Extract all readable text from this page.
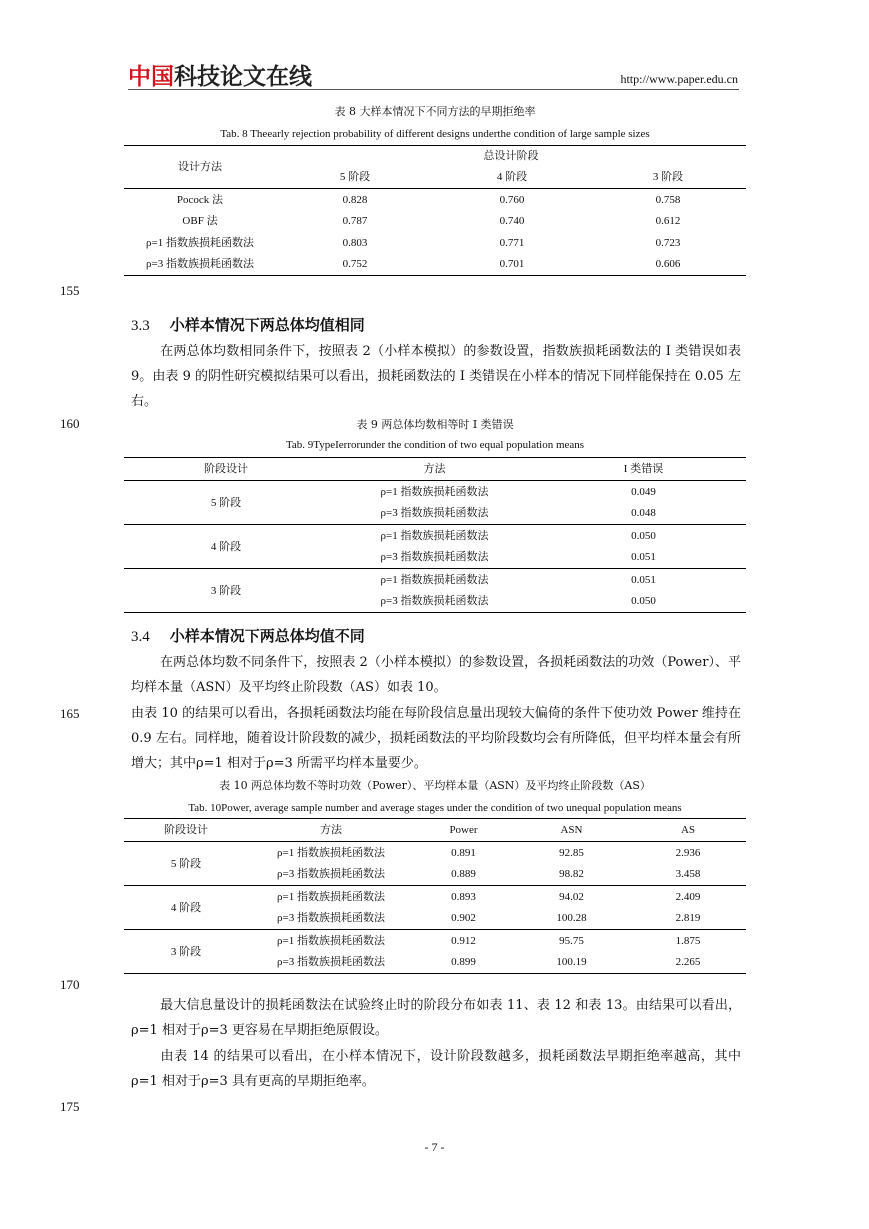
中国科技论文在线	http://www.paper.edu.cn
表 8 大样本情况下不同方法的早期拒绝率
Tab. 8 Theearly rejection probability of different designs underthe condition of large sample sizes
设计方法	总设计阶段		
	5 阶段	4 阶段	3 阶段
Pocock 法	0.828	0.760	0.758
OBF 法	0.787	0.740	0.612
ρ=1 指数族损耗函数法	0.803	0.771	0.723
ρ=3 指数族损耗函数法	0.752	0.701	0.606
155
3.3 小样本情况下两总体均值相同
在两总体均数相同条件下，按照表 2（小样本模拟）的参数设置，指数族损耗函数法的 I 类错误如表 9。由表 9 的阴性研究模拟结果可以看出，损耗函数法的 I 类错误在小样本的情况下同样能保持在 0.05 左右。
160	表 9 两总体均数相等时 I 类错误
Tab. 9TypeIerrorunder the condition of two equal population means
阶段设计	方法	I 类错误
5 阶段	ρ=1 指数族损耗函数法	0.049
	ρ=3 指数族损耗函数法	0.048
4 阶段	ρ=1 指数族损耗函数法	0.050
	ρ=3 指数族损耗函数法	0.051
3 阶段	ρ=1 指数族损耗函数法	0.051
	ρ=3 指数族损耗函数法	0.050
3.4 小样本情况下两总体均值不同
在两总体均数不同条件下，按照表 2（小样本模拟）的参数设置，各损耗函数法的功效（Power）、平均样本量（ASN）及平均终止阶段数（AS）如表 10。
165	由表 10 的结果可以看出，各损耗函数法均能在每阶段信息量出现较大偏倚的条件下使功效 Power 维持在 0.9 左右。同样地，随着设计阶段数的减少，损耗函数法的平均阶段数均会有所降低，但平均样本量会有所增大；其中ρ=1 相对于ρ=3 所需平均样本量要少。
表 10 两总体均数不等时功效（Power）、平均样本量（ASN）及平均终止阶段数（AS）
Tab. 10Power, average sample number and average stages under the condition of two unequal population means
阶段设计	方法	Power	ASN	AS
5 阶段	ρ=1 指数族损耗函数法	0.891	92.85	2.936
	ρ=3 指数族损耗函数法	0.889	98.82	3.458
4 阶段	ρ=1 指数族损耗函数法	0.893	94.02	2.409
	ρ=3 指数族损耗函数法	0.902	100.28	2.819
3 阶段	ρ=1 指数族损耗函数法	0.912	95.75	1.875
	ρ=3 指数族损耗函数法	0.899	100.19	2.265
170
最大信息量设计的损耗函数法在试验终止时的阶段分布如表 11、表 12 和表 13。由结果可以看出，ρ=1 相对于ρ=3 更容易在早期拒绝原假设。
由表 14 的结果可以看出，在小样本情况下，设计阶段数越多，损耗函数法早期拒绝率越高，其中ρ=1 相对于ρ=3 具有更高的早期拒绝率。
175
- 7 -
